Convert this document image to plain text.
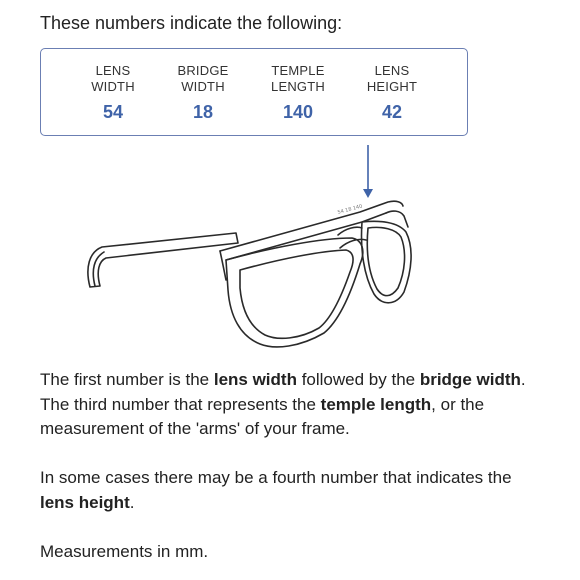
These numbers indicate the following:
LENS
WIDTH
54
BRIDGE
WIDTH
18
TEMPLE
LENGTH
140
LENS
HEIGHT
42
54 18 140
The first number is the lens width followed by the bridge width. The third number that represents the temple length, or the measurement of the 'arms' of your frame.
In some cases there may be a fourth number that indicates the lens height.
Measurements in mm.
